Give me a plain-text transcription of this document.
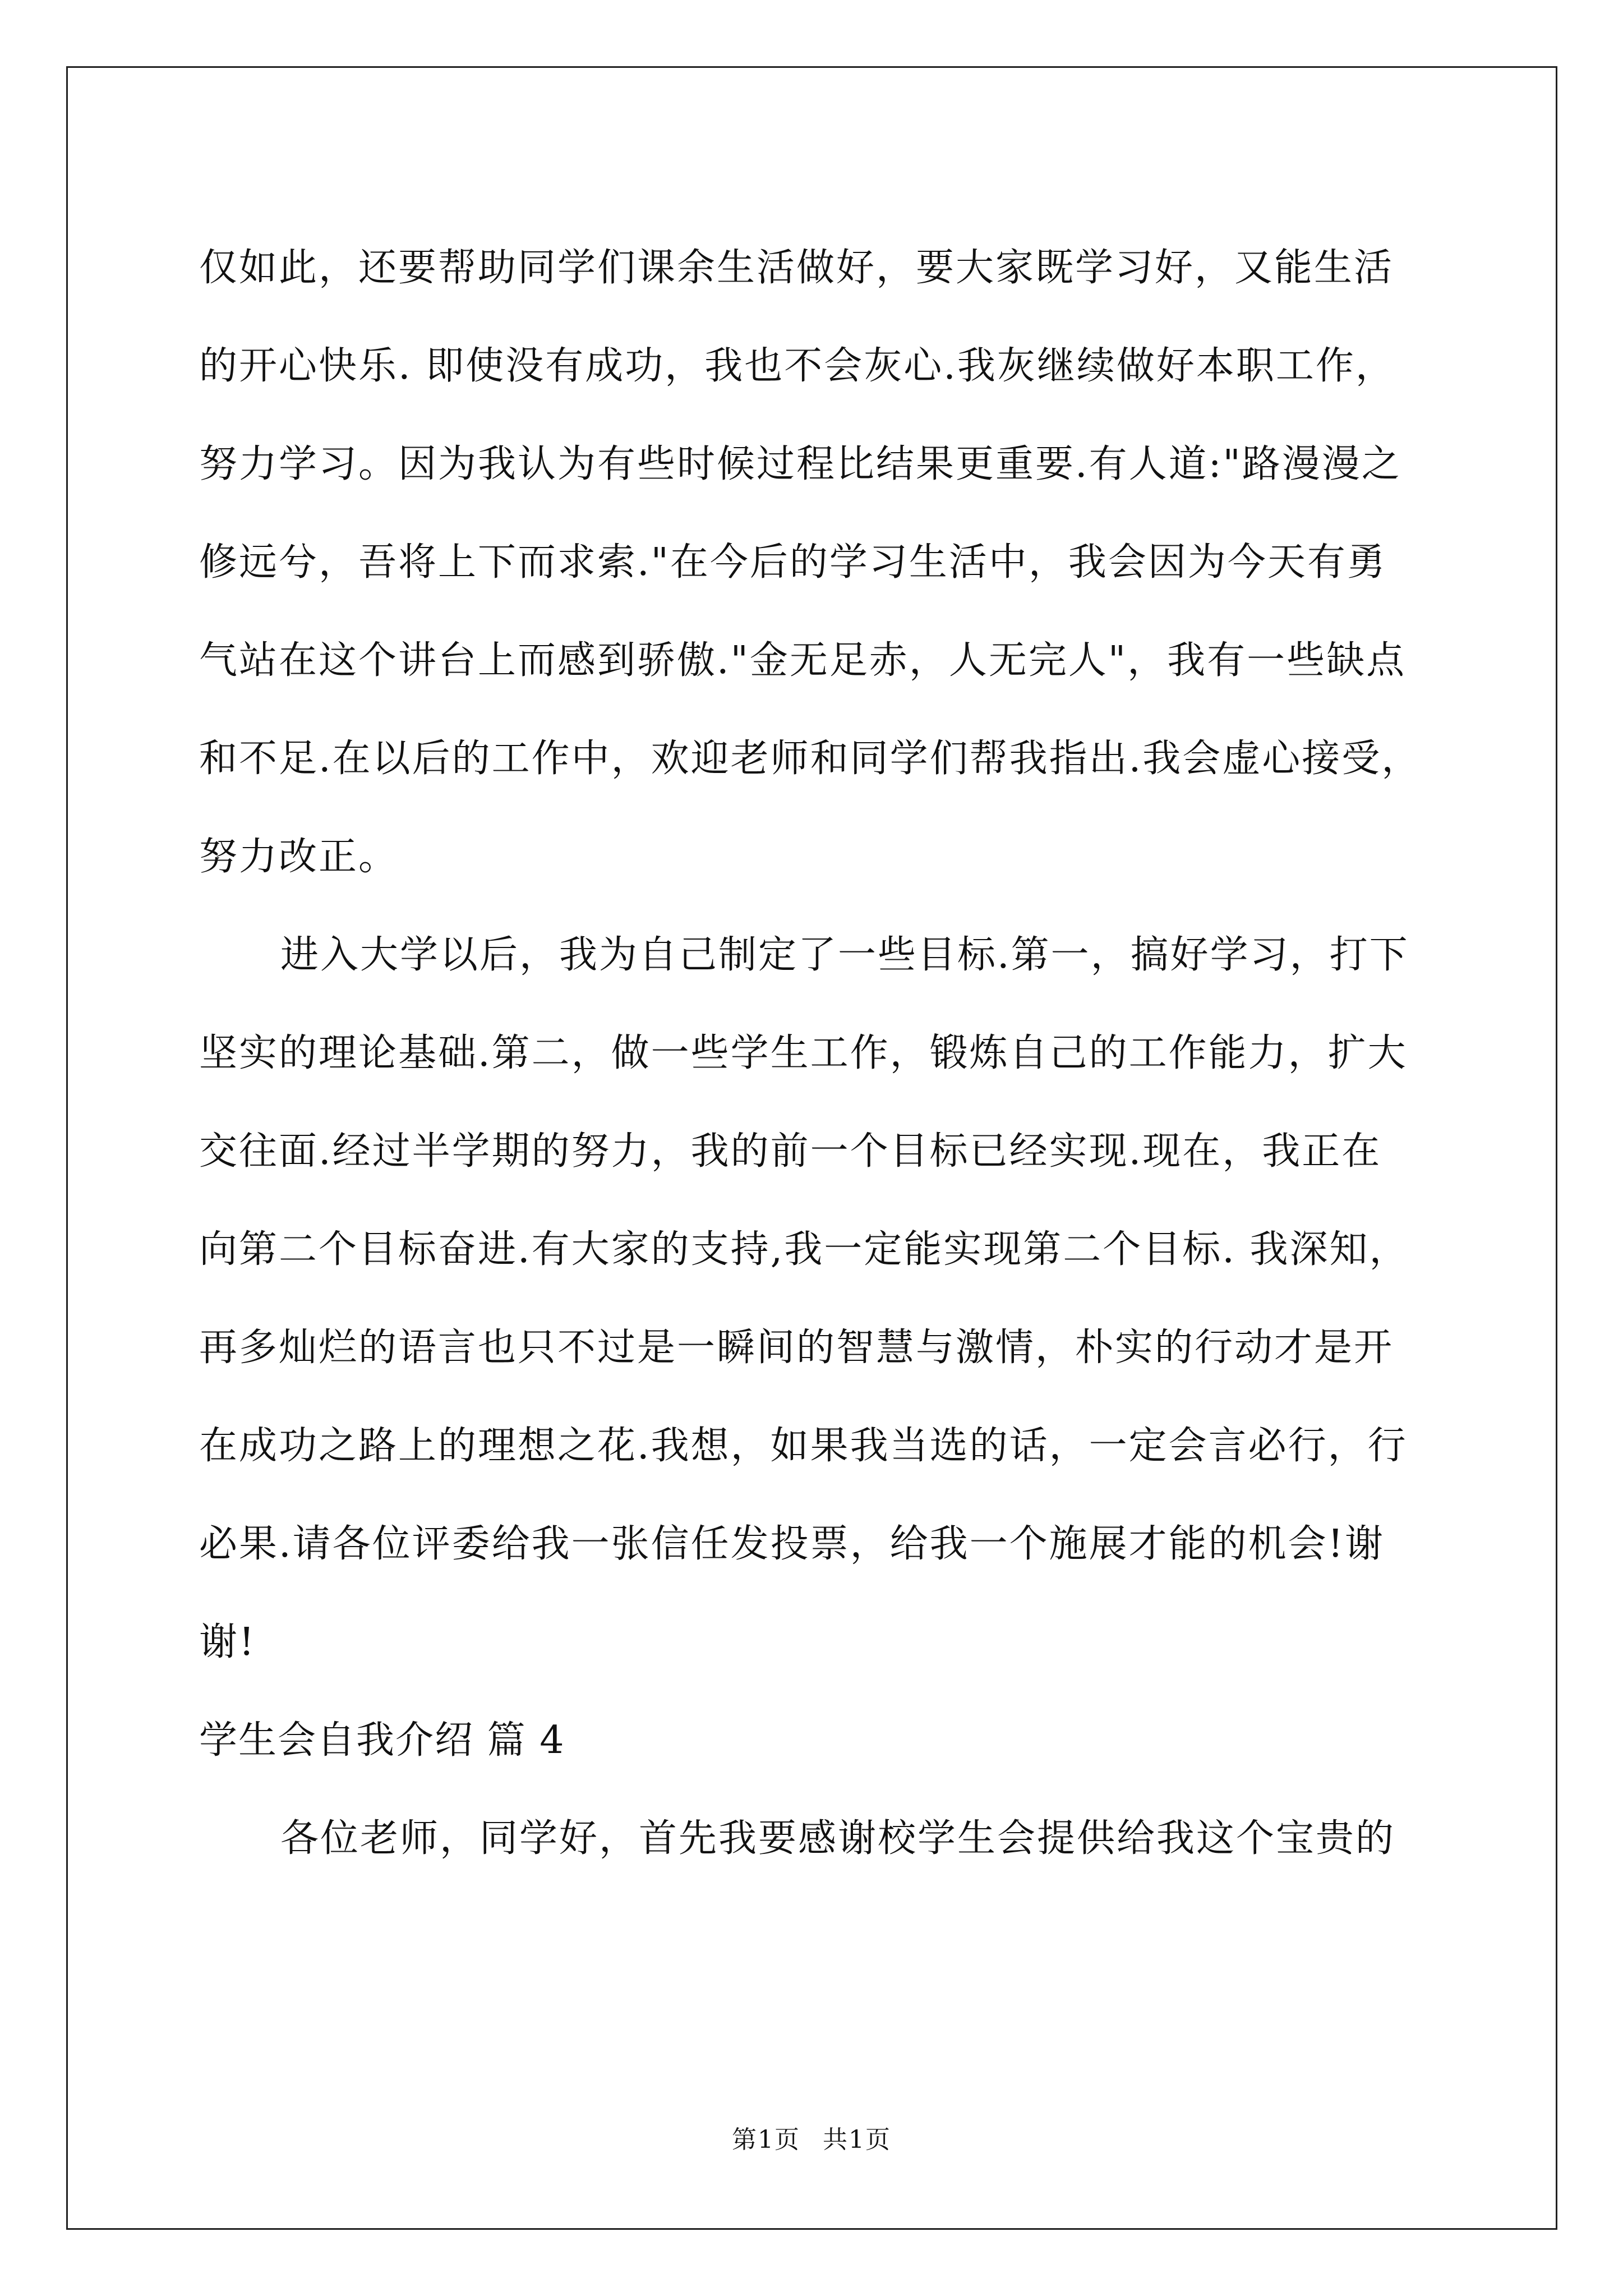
仅如此，还要帮助同学们课余生活做好，要大家既学习好，又能生活
的开心快乐. 即使没有成功，我也不会灰心.我灰继续做好本职工作，
努力学习。因为我认为有些时候过程比结果更重要.有人道:"路漫漫之
修远兮，吾将上下而求索."在今后的学习生活中，我会因为今天有勇
气站在这个讲台上而感到骄傲."金无足赤，人无完人"，我有一些缺点
和不足.在以后的工作中，欢迎老师和同学们帮我指出.我会虚心接受，
努力改正。
进入大学以后，我为自己制定了一些目标.第一，搞好学习，打下
坚实的理论基础.第二，做一些学生工作，锻炼自己的工作能力，扩大
交往面.经过半学期的努力，我的前一个目标已经实现.现在，我正在
向第二个目标奋进.有大家的支持,我一定能实现第二个目标. 我深知，
再多灿烂的语言也只不过是一瞬间的智慧与激情，朴实的行动才是开
在成功之路上的理想之花.我想，如果我当选的话，一定会言必行，行
必果.请各位评委给我一张信任发投票，给我一个施展才能的机会!谢
谢!
学生会自我介绍 篇 4
各位老师，同学好，首先我要感谢校学生会提供给我这个宝贵的
第1页 共1页
